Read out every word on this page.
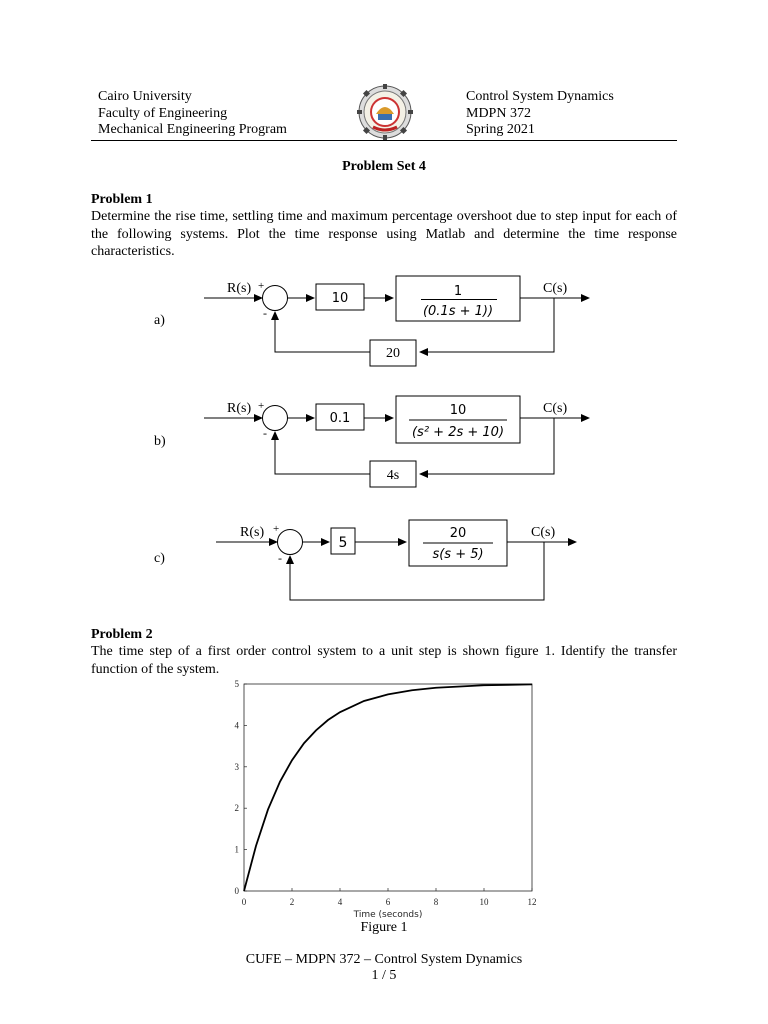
Cairo University
Faculty of Engineering
Mechanical Engineering Program
Control System Dynamics
MDPN 372
Spring 2021
Problem Set 4
Problem 1
Determine the rise time, settling time and maximum percentage overshoot due to step input for each of the following systems. Plot the time response using Matlab and determine the time response characteristics.
R(s) +
-
C(s)
10	1
(0.1s + 1))
20
a)
R(s) +
-
C(s)
0.1
10
(s² + 2s + 10)
4s
b)
R(s) +
-
C(s)
5
20
s(s + 5)
c)
Problem 2
The time step of a first order control system to a unit step is shown figure 1. Identify the transfer function of the system.
0	2	4	6	8	10	12
0
1
2
3
4
5
Time (seconds)
Figure 1
CUFE – MDPN 372 – Control System Dynamics
1 / 5
